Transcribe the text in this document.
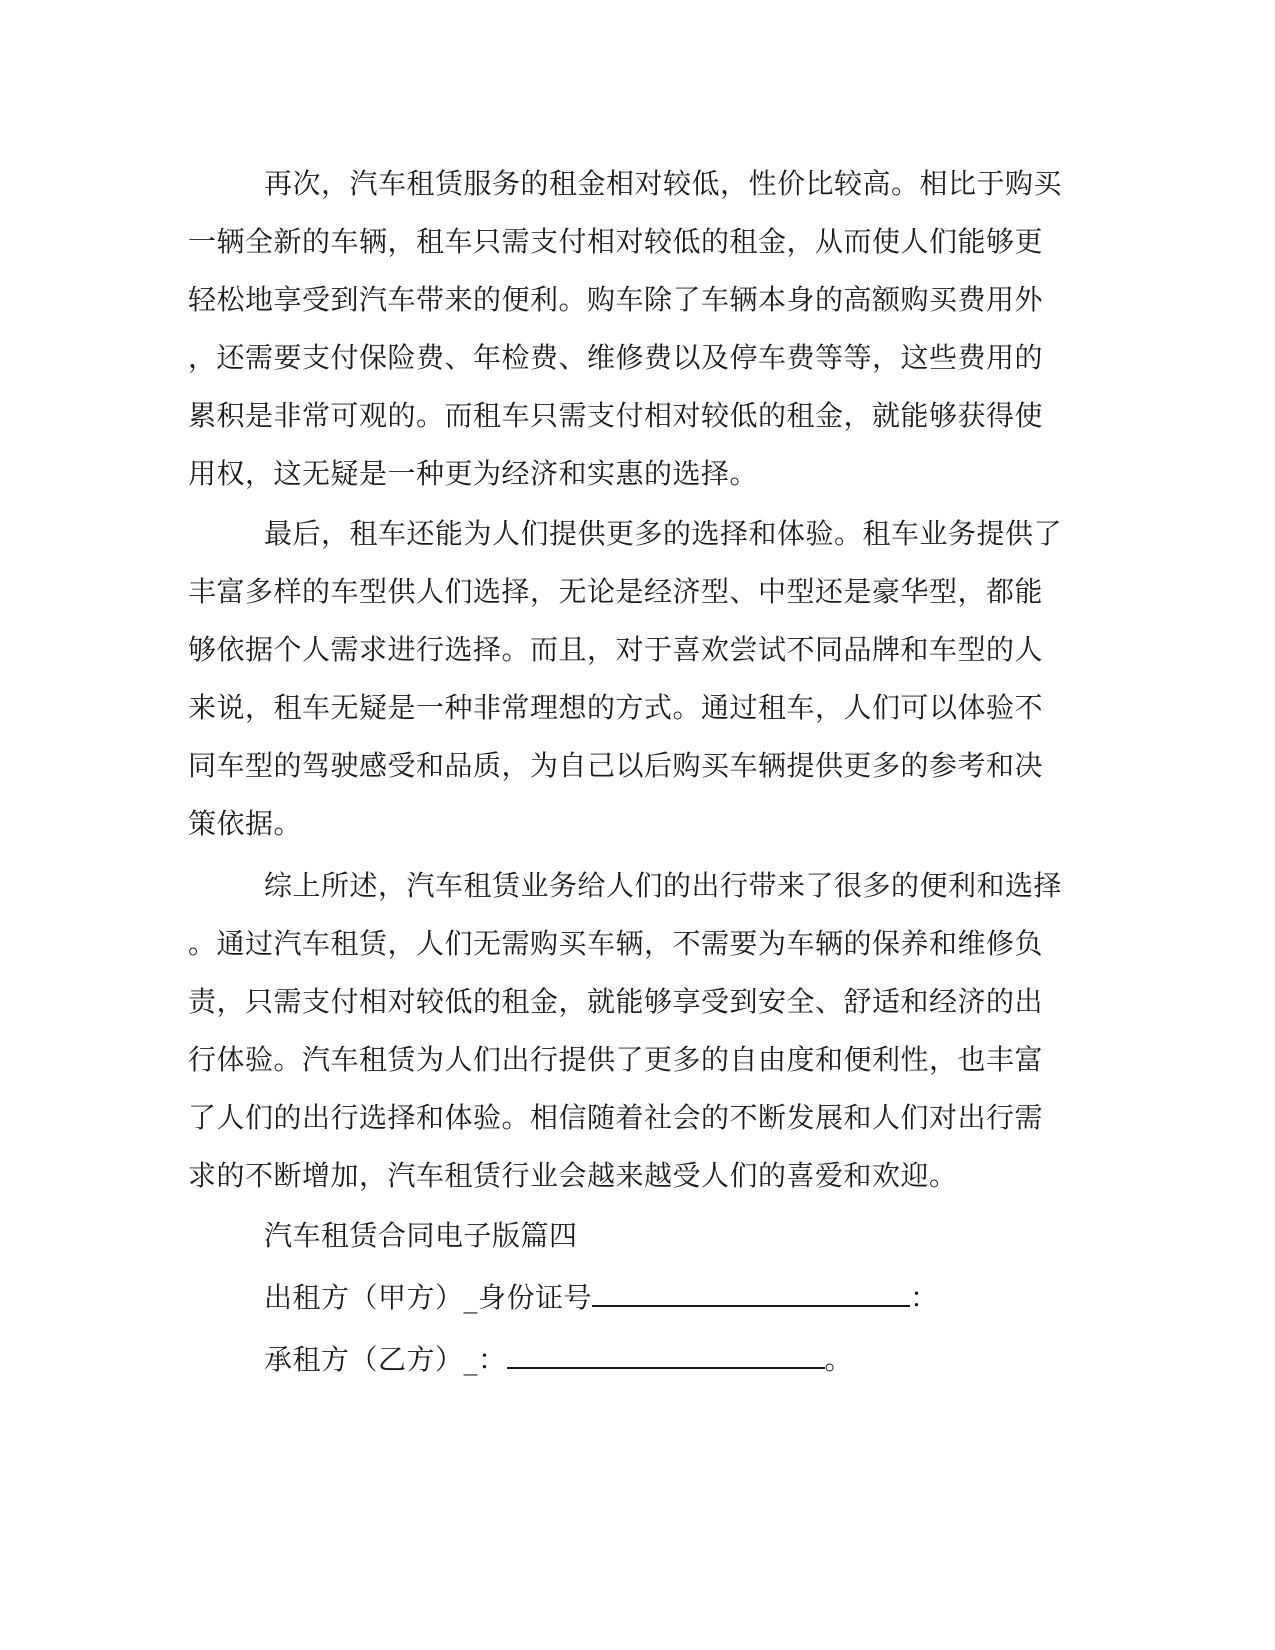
再次，汽车租赁服务的租金相对较低，性价比较高。相比于购买
一辆全新的车辆，租车只需支付相对较低的租金，从而使人们能够更
轻松地享受到汽车带来的便利。购车除了车辆本身的高额购买费用外
，还需要支付保险费、年检费、维修费以及停车费等等，这些费用的
累积是非常可观的。而租车只需支付相对较低的租金，就能够获得使
用权，这无疑是一种更为经济和实惠的选择。
最后，租车还能为人们提供更多的选择和体验。租车业务提供了
丰富多样的车型供人们选择，无论是经济型、中型还是豪华型，都能
够依据个人需求进行选择。而且，对于喜欢尝试不同品牌和车型的人
来说，租车无疑是一种非常理想的方式。通过租车，人们可以体验不
同车型的驾驶感受和品质，为自己以后购买车辆提供更多的参考和决
策依据。
综上所述，汽车租赁业务给人们的出行带来了很多的便利和选择
。通过汽车租赁，人们无需购买车辆，不需要为车辆的保养和维修负
责，只需支付相对较低的租金，就能够享受到安全、舒适和经济的出
行体验。汽车租赁为人们出行提供了更多的自由度和便利性，也丰富
了人们的出行选择和体验。相信随着社会的不断发展和人们对出行需
求的不断增加，汽车租赁行业会越来越受人们的喜爱和欢迎。
汽车租赁合同电子版篇四
出租方（甲方）_身份证号	：
承租方（乙方）_：	。
